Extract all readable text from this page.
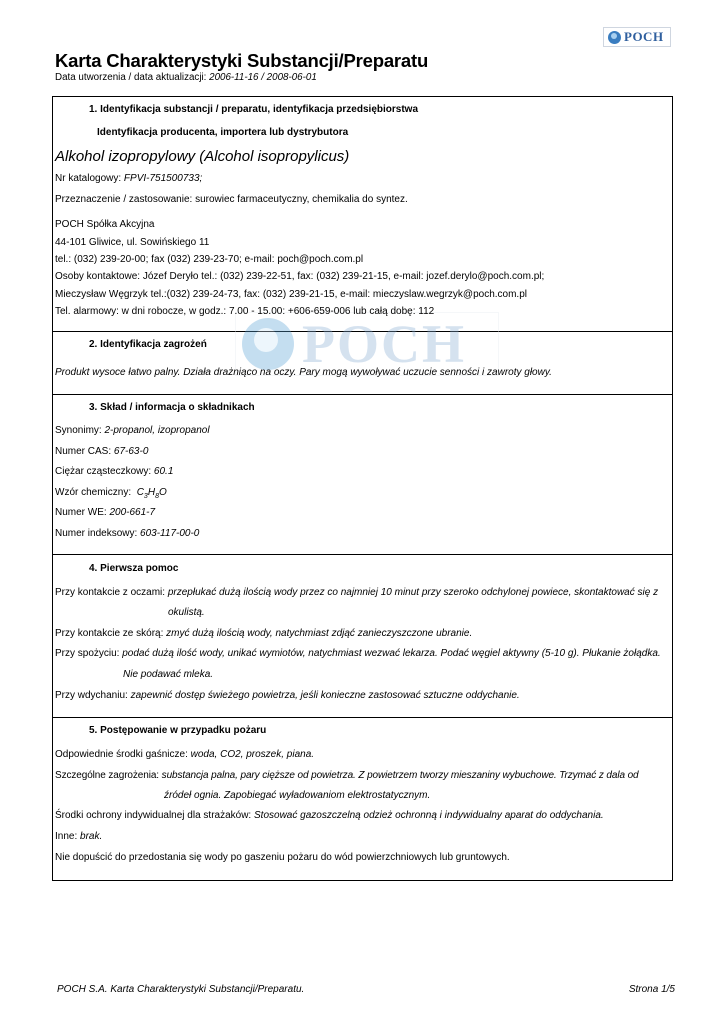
POCH
Karta Charakterystyki Substancji/Preparatu
Data utworzenia / data aktualizacji: 2006-11-16 / 2008-06-01
POCH
1. Identyfikacja substancji / preparatu, identyfikacja przedsiębiorstwa
Identyfikacja producenta, importera lub dystrybutora
Alkohol izopropylowy (Alcohol isopropylicus)
Nr katalogowy: FPVI-751500733;
Przeznaczenie / zastosowanie: surowiec farmaceutyczny, chemikalia do syntez.
POCH Spółka Akcyjna
44-101 Gliwice, ul. Sowińskiego 11
tel.: (032) 239-20-00; fax (032) 239-23-70; e-mail: poch@poch.com.pl
Osoby kontaktowe: Józef Deryło tel.: (032) 239-22-51, fax: (032) 239-21-15, e-mail: jozef.derylo@poch.com.pl;
Mieczysław Węgrzyk tel.:(032) 239-24-73, fax: (032) 239-21-15, e-mail: mieczyslaw.wegrzyk@poch.com.pl
Tel. alarmowy: w dni robocze, w godz.: 7.00 - 15.00: +606-659-006 lub całą dobę: 112
2. Identyfikacja zagrożeń
Produkt wysoce łatwo palny. Działa drażniąco na oczy. Pary mogą wywoływać uczucie senności i zawroty głowy.
3. Skład / informacja o składnikach
Synonimy: 2-propanol, izopropanol
Numer CAS: 67-63-0
Ciężar cząsteczkowy: 60.1
Wzór chemiczny: $C_3H_8O$
Numer WE: 200-661-7
Numer indeksowy: 603-117-00-0
4. Pierwsza pomoc
Przy kontakcie z oczami: przepłukać dużą ilością wody przez co najmniej 10 minut przy szeroko odchylonej powiece, skontaktować się z
okulistą.
Przy kontakcie ze skórą: zmyć dużą ilością wody, natychmiast zdjąć zanieczyszczone ubranie.
Przy spożyciu: podać dużą ilość wody, unikać wymiotów, natychmiast wezwać lekarza. Podać węgiel aktywny (5-10 g). Płukanie żołądka.
Nie podawać mleka.
Przy wdychaniu: zapewnić dostęp świeżego powietrza, jeśli konieczne zastosować sztuczne oddychanie.
5. Postępowanie w przypadku pożaru
Odpowiednie środki gaśnicze: woda, CO2, proszek, piana.
Szczególne zagrożenia: substancja palna, pary cięższe od powietrza. Z powietrzem tworzy mieszaniny wybuchowe. Trzymać z dala od
źródeł ognia. Zapobiegać wyładowaniom elektrostatycznym.
Środki ochrony indywidualnej dla strażaków: Stosować gazoszczelną odzież ochronną i indywidualny aparat do oddychania.
Inne: brak.
Nie dopuścić do przedostania się wody po gaszeniu pożaru do wód powierzchniowych lub gruntowych.
POCH S.A. Karta Charakterystyki Substancji/Preparatu.	Strona 1/5
